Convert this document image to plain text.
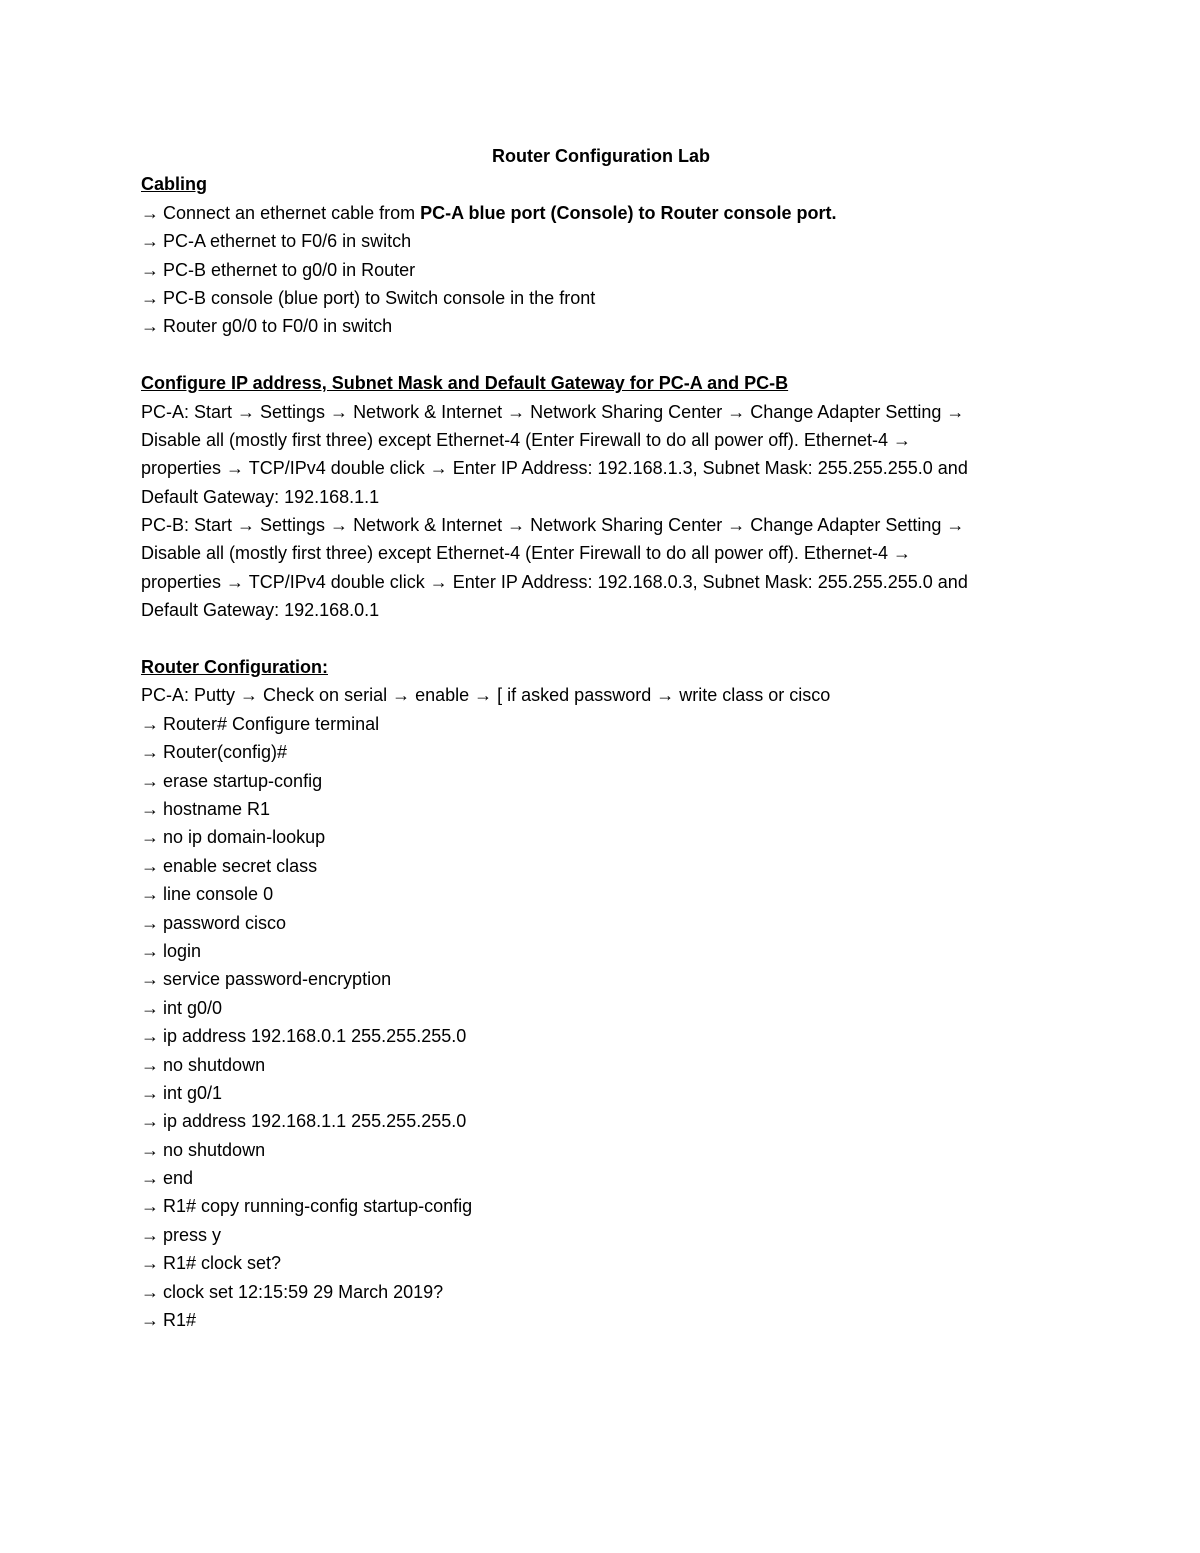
Router Configuration Lab
Cabling
→ Connect an ethernet cable from PC-A blue port (Console) to Router console port.
→ PC-A ethernet to F0/6 in switch
→ PC-B ethernet to g0/0 in Router
→ PC-B console (blue port) to Switch console in the front
→ Router g0/0 to F0/0 in switch
Configure IP address, Subnet Mask and Default Gateway for PC-A and PC-B
PC-A: Start → Settings → Network & Internet → Network Sharing Center → Change Adapter Setting →
Disable all (mostly first three) except Ethernet-4 (Enter Firewall to do all power off). Ethernet-4 →
properties → TCP/IPv4 double click → Enter IP Address: 192.168.1.3, Subnet Mask: 255.255.255.0 and
Default Gateway: 192.168.1.1
PC-B: Start → Settings → Network & Internet → Network Sharing Center → Change Adapter Setting →
Disable all (mostly first three) except Ethernet-4 (Enter Firewall to do all power off). Ethernet-4 →
properties → TCP/IPv4 double click → Enter IP Address: 192.168.0.3, Subnet Mask: 255.255.255.0 and
Default Gateway: 192.168.0.1
Router Configuration:
PC-A: Putty → Check on serial → enable → [ if asked password → write class or cisco
→ Router# Configure terminal
→ Router(config)#
→ erase startup-config
→ hostname R1
→ no ip domain-lookup
→ enable secret class
→ line console 0
→ password cisco
→ login
→ service password-encryption
→ int g0/0
→ ip address 192.168.0.1 255.255.255.0
→ no shutdown
→ int g0/1
→ ip address 192.168.1.1 255.255.255.0
→ no shutdown
→ end
→ R1# copy running-config startup-config
→ press y
→ R1# clock set?
→ clock set 12:15:59 29 March 2019?
→ R1#
